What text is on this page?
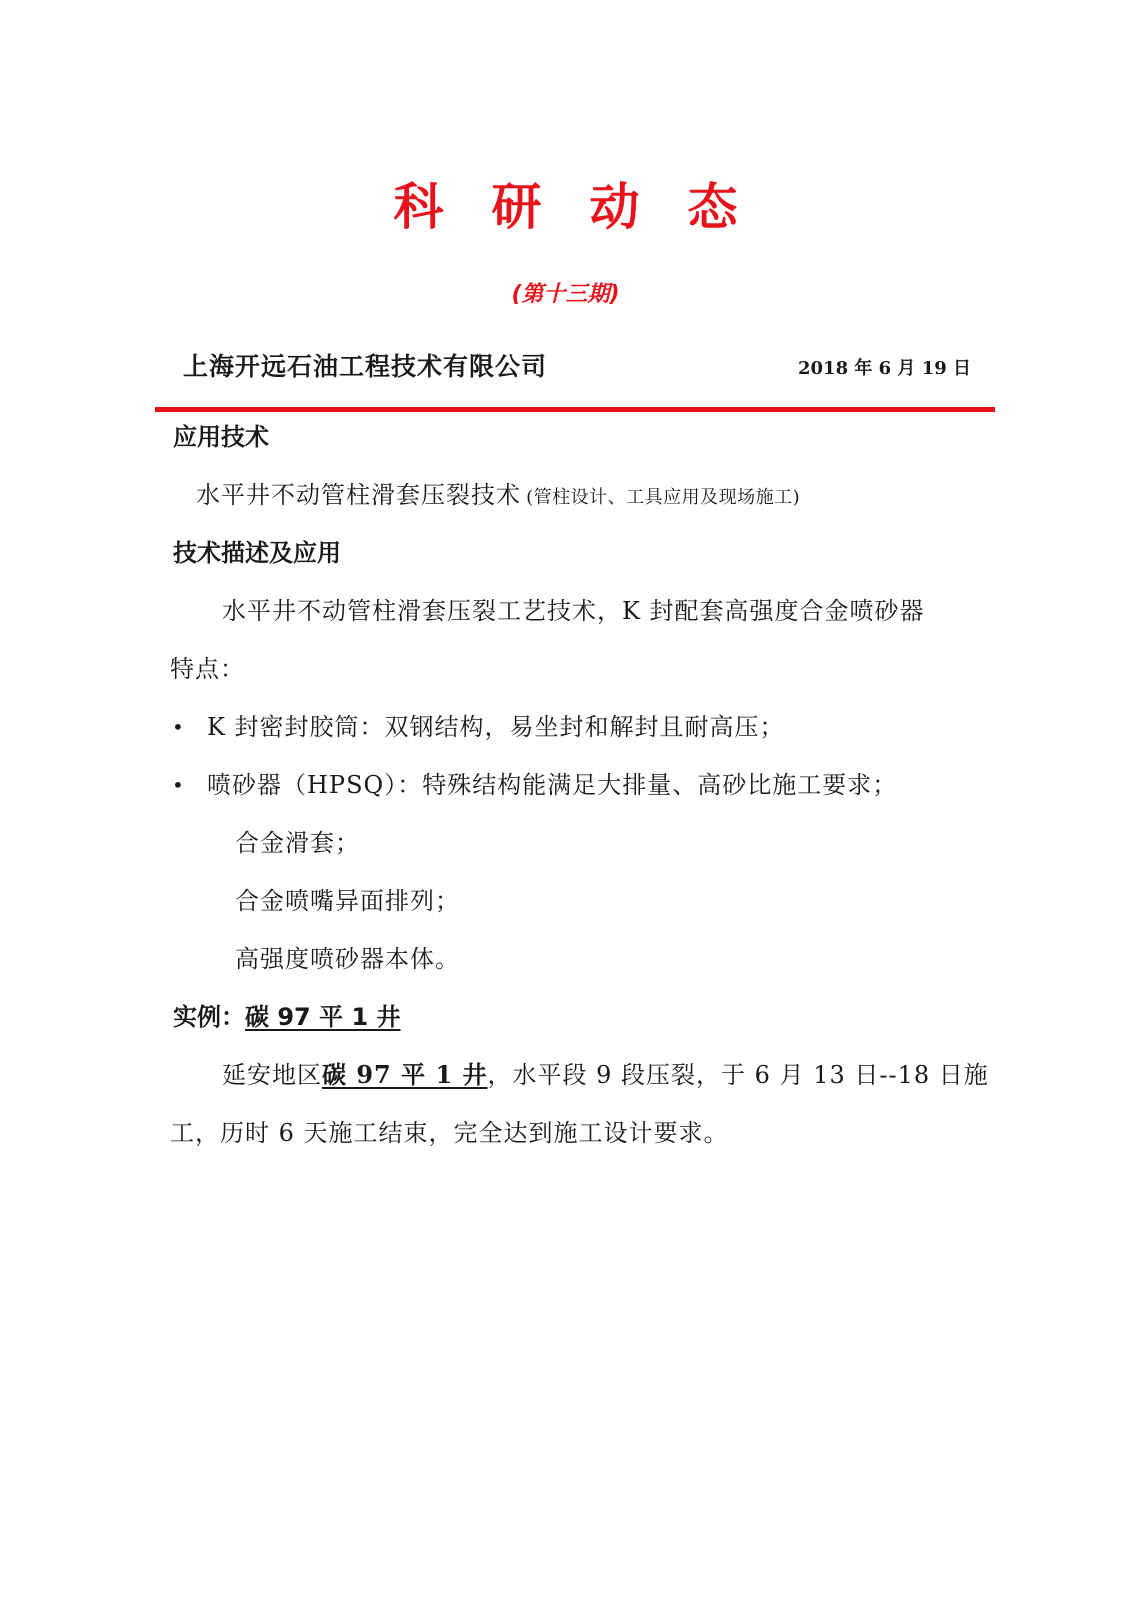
科研动态
(第十三期)
上海开远石油工程技术有限公司	2018 年 6 月 19 日
应用技术
水平井不动管柱滑套压裂技术 (管柱设计、工具应用及现场施工)
技术描述及应用
水平井不动管柱滑套压裂工艺技术，K 封配套高强度合金喷砂器
特点：
• K 封密封胶筒：双钢结构，易坐封和解封且耐高压；
• 喷砂器（HPSQ）：特殊结构能满足大排量、高砂比施工要求；
合金滑套；
合金喷嘴异面排列；
高强度喷砂器本体。
实例：碳 97 平 1 井
延安地区碳 97 平 1 井，水平段 9 段压裂，于 6 月 13 日--18 日施
工，历时 6 天施工结束，完全达到施工设计要求。
